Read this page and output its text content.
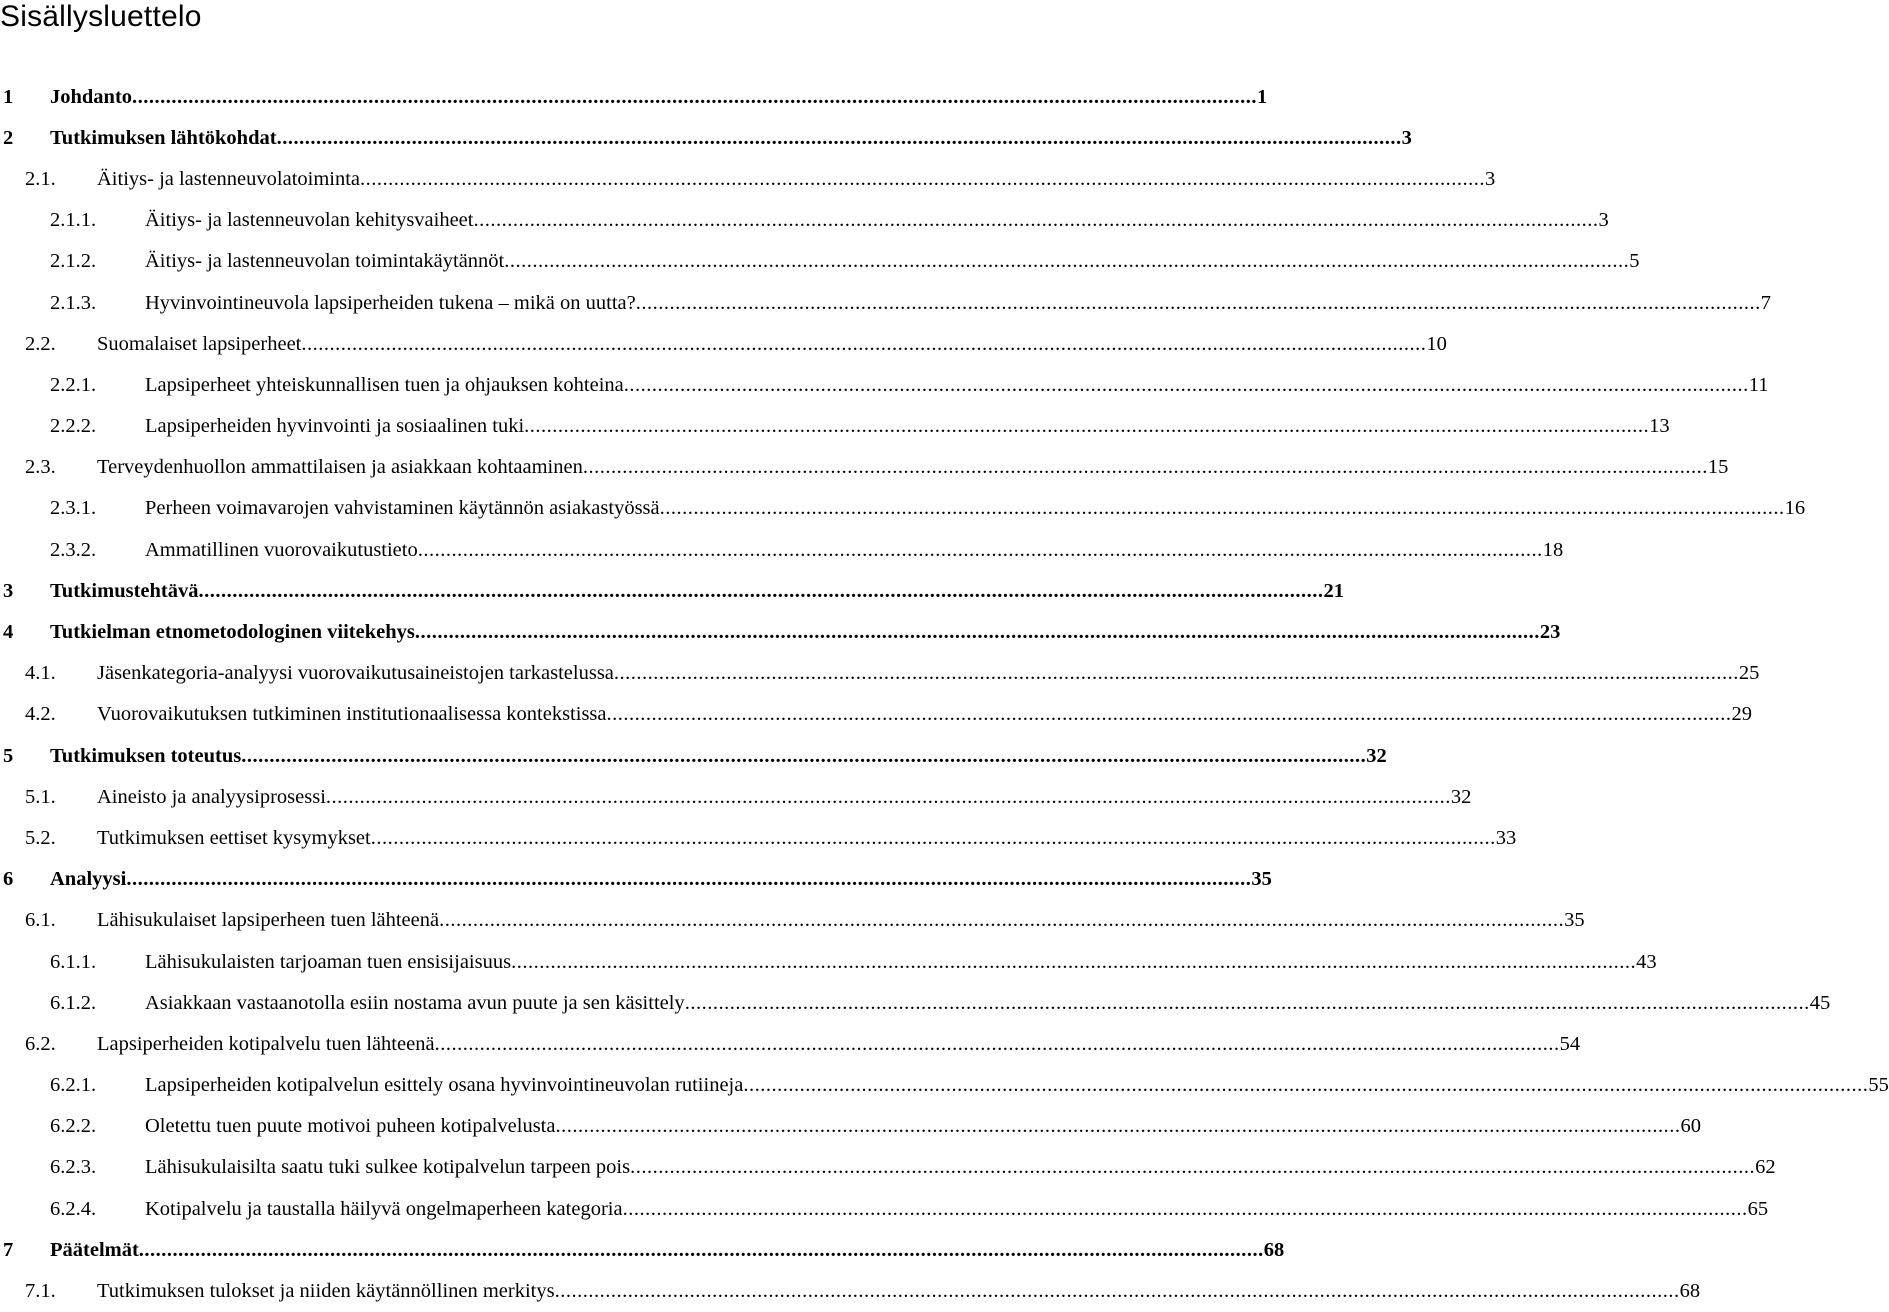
Sisällysluettelo
1 Johdanto ........................................................................................................................................................................................................ 1
2 Tutkimuksen lähtökohdat ........................................................................................................................................................................................................ 3
2.1. Äitiys- ja lastenneuvolatoiminta ........................................................................................................................................................................................................ 3
2.1.1. Äitiys- ja lastenneuvolan kehitysvaiheet ........................................................................................................................................................................................................ 3
2.1.2. Äitiys- ja lastenneuvolan toimintakäytännöt ........................................................................................................................................................................................................ 5
2.1.3. Hyvinvointineuvola lapsiperheiden tukena – mikä on uutta? ........................................................................................................................................................................................................ 7
2.2. Suomalaiset lapsiperheet ........................................................................................................................................................................................................ 10
2.2.1. Lapsiperheet yhteiskunnallisen tuen ja ohjauksen kohteina ........................................................................................................................................................................................................ 11
2.2.2. Lapsiperheiden hyvinvointi ja sosiaalinen tuki ........................................................................................................................................................................................................ 13
2.3. Terveydenhuollon ammattilaisen ja asiakkaan kohtaaminen ........................................................................................................................................................................................................ 15
2.3.1. Perheen voimavarojen vahvistaminen käytännön asiakastyössä ........................................................................................................................................................................................................ 16
2.3.2. Ammatillinen vuorovaikutustieto ........................................................................................................................................................................................................ 18
3 Tutkimustehtävä ........................................................................................................................................................................................................ 21
4 Tutkielman etnometodologinen viitekehys ........................................................................................................................................................................................................ 23
4.1. Jäsenkategoria-analyysi vuorovaikutusaineistojen tarkastelussa ........................................................................................................................................................................................................ 25
4.2. Vuorovaikutuksen tutkiminen institutionaalisessa kontekstissa ........................................................................................................................................................................................................ 29
5 Tutkimuksen toteutus ........................................................................................................................................................................................................ 32
5.1. Aineisto ja analyysiprosessi ........................................................................................................................................................................................................ 32
5.2. Tutkimuksen eettiset kysymykset ........................................................................................................................................................................................................ 33
6 Analyysi ........................................................................................................................................................................................................ 35
6.1. Lähisukulaiset lapsiperheen tuen lähteenä ........................................................................................................................................................................................................ 35
6.1.1. Lähisukulaisten tarjoaman tuen ensisijaisuus ........................................................................................................................................................................................................ 43
6.1.2. Asiakkaan vastaanotolla esiin nostama avun puute ja sen käsittely ........................................................................................................................................................................................................ 45
6.2. Lapsiperheiden kotipalvelu tuen lähteenä ........................................................................................................................................................................................................ 54
6.2.1. Lapsiperheiden kotipalvelun esittely osana hyvinvointineuvolan rutiineja ........................................................................................................................................................................................................ 55
6.2.2. Oletettu tuen puute motivoi puheen kotipalvelusta ........................................................................................................................................................................................................ 60
6.2.3. Lähisukulaisilta saatu tuki sulkee kotipalvelun tarpeen pois ........................................................................................................................................................................................................ 62
6.2.4. Kotipalvelu ja taustalla häilyvä ongelmaperheen kategoria ........................................................................................................................................................................................................ 65
7 Päätelmät ........................................................................................................................................................................................................ 68
7.1. Tutkimuksen tulokset ja niiden käytännöllinen merkitys ........................................................................................................................................................................................................ 68
